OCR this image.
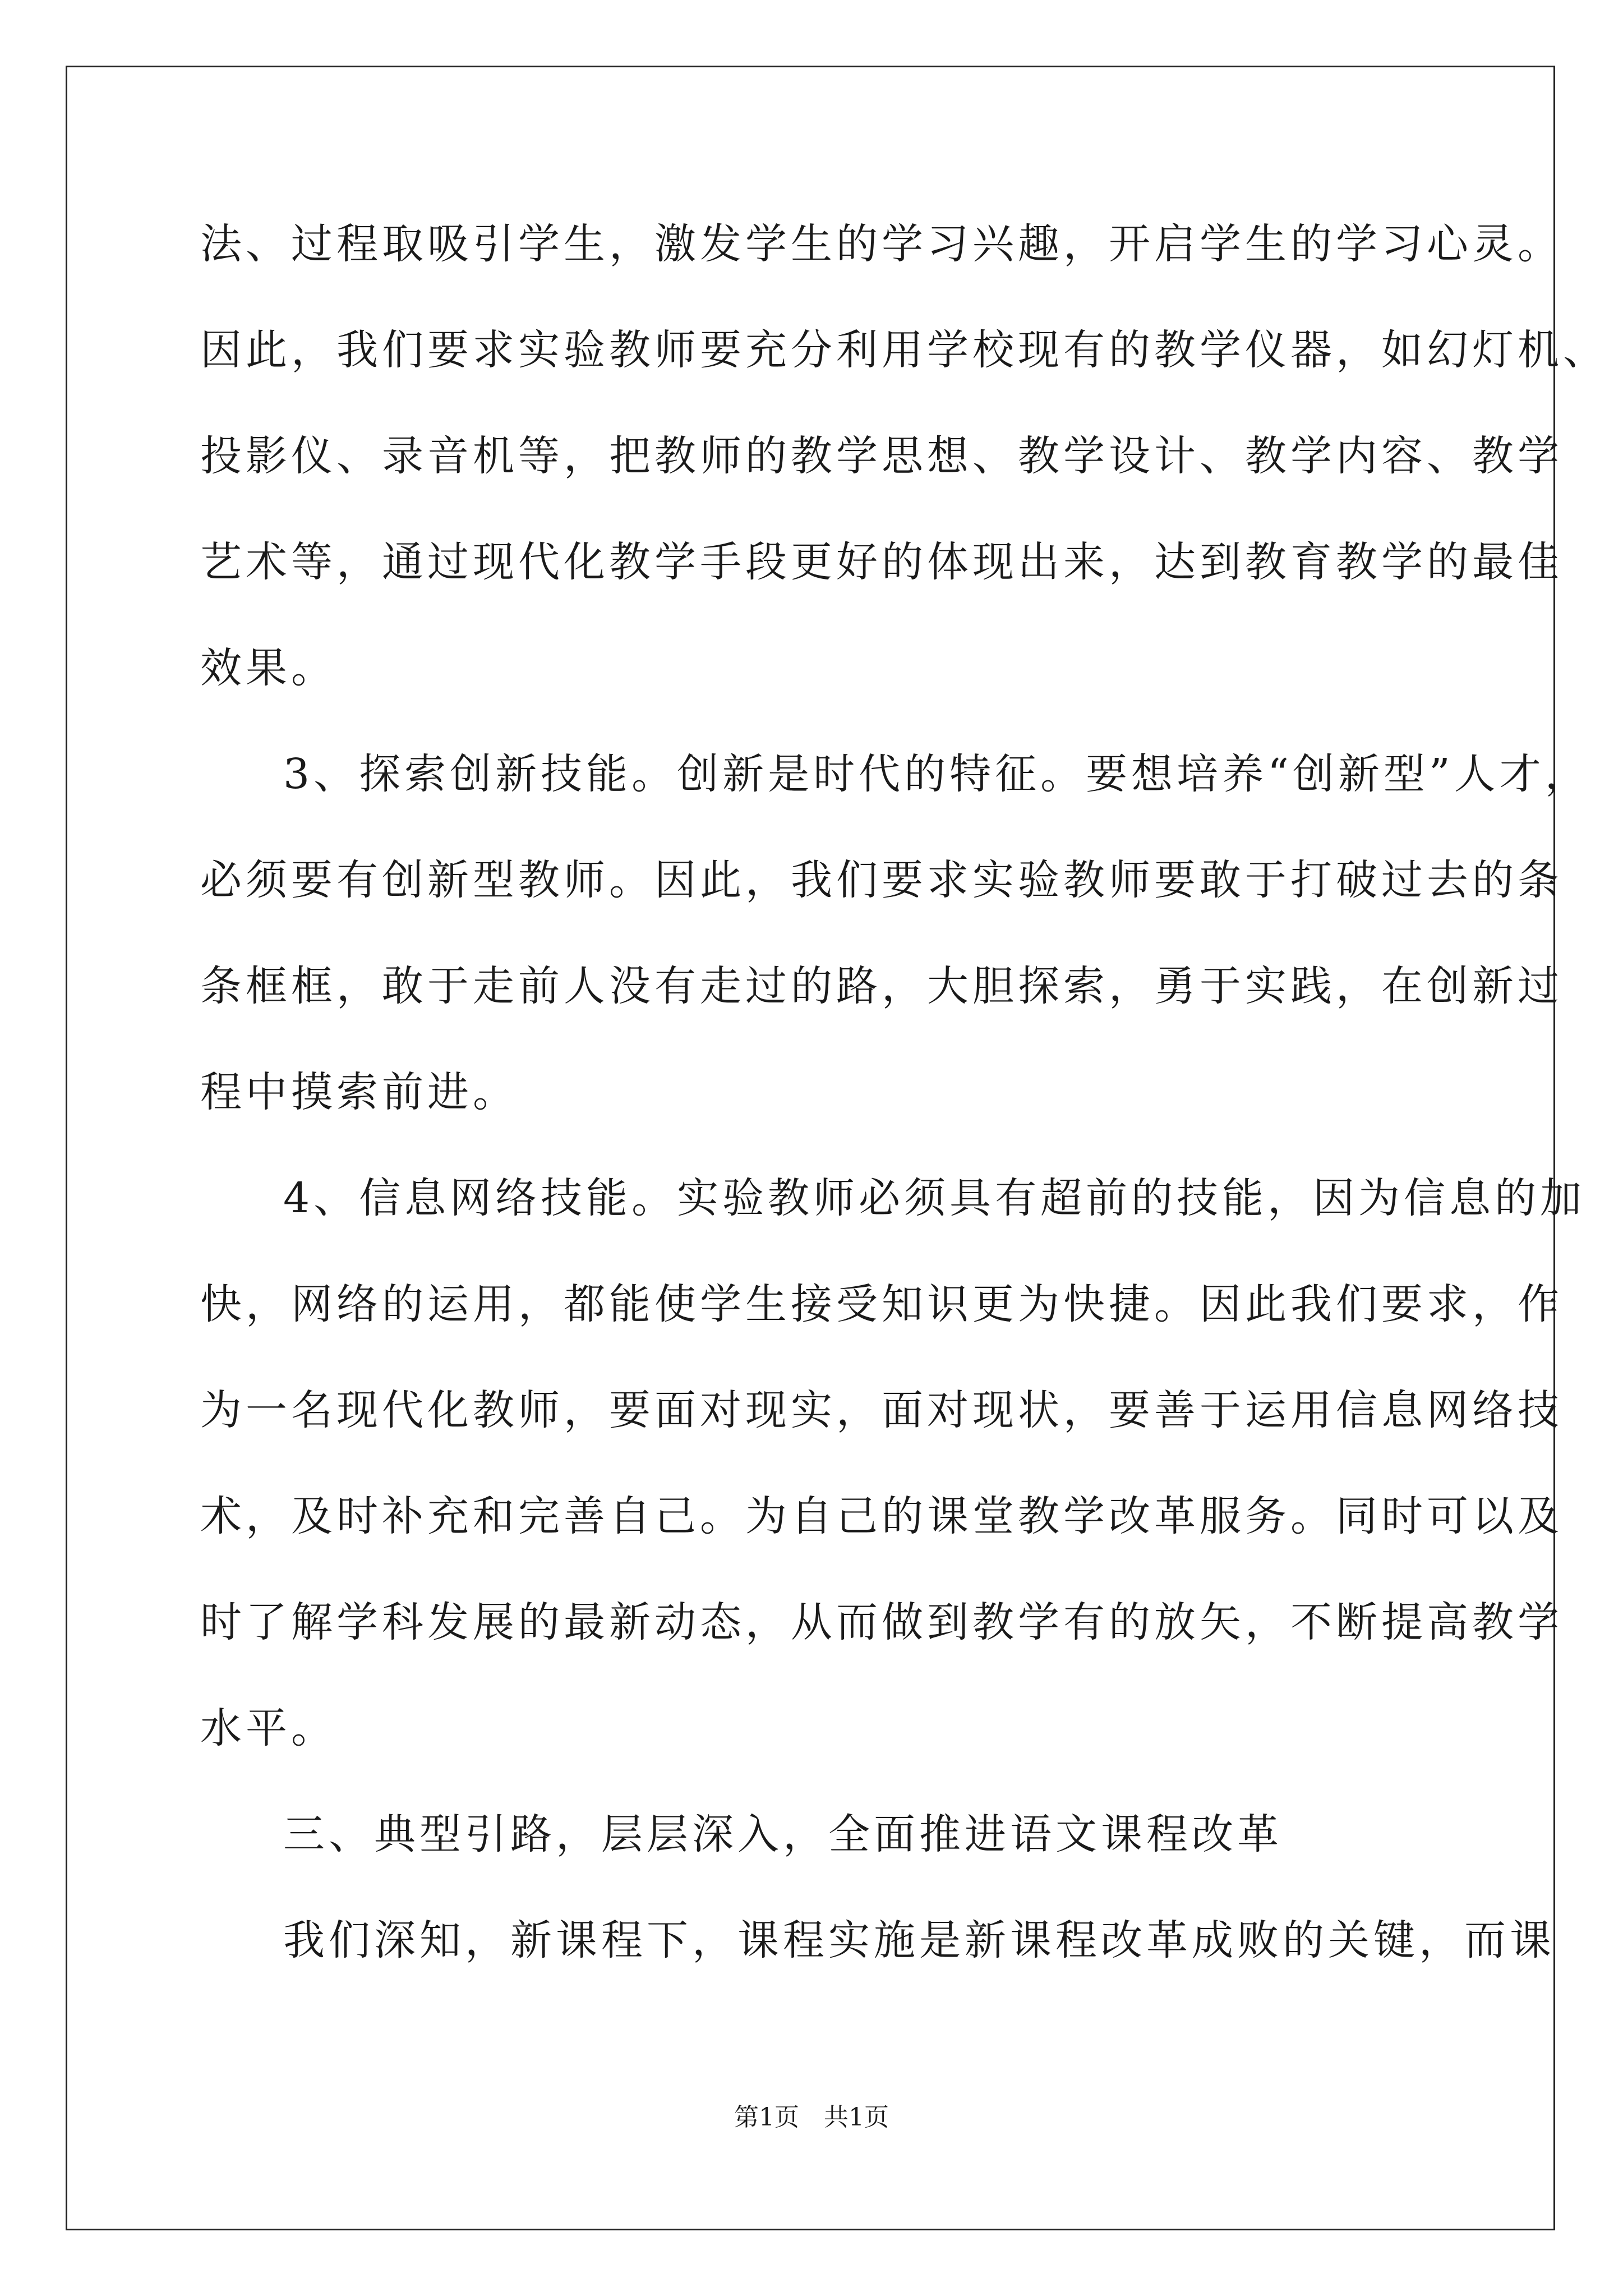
法、过程取吸引学生，激发学生的学习兴趣，开启学生的学习心灵。
因此，我们要求实验教师要充分利用学校现有的教学仪器，如幻灯机、
投影仪、录音机等，把教师的教学思想、教学设计、教学内容、教学
艺术等，通过现代化教学手段更好的体现出来，达到教育教学的最佳
效果。
3、探索创新技能。创新是时代的特征。要想培养“创新型”人才，
必须要有创新型教师。因此，我们要求实验教师要敢于打破过去的条
条框框，敢于走前人没有走过的路，大胆探索，勇于实践，在创新过
程中摸索前进。
4、信息网络技能。实验教师必须具有超前的技能，因为信息的加
快，网络的运用，都能使学生接受知识更为快捷。因此我们要求，作
为一名现代化教师，要面对现实，面对现状，要善于运用信息网络技
术，及时补充和完善自己。为自己的课堂教学改革服务。同时可以及
时了解学科发展的最新动态，从而做到教学有的放矢，不断提高教学
水平。
三、典型引路，层层深入，全面推进语文课程改革
我们深知，新课程下，课程实施是新课程改革成败的关键，而课
第1页　共1页
